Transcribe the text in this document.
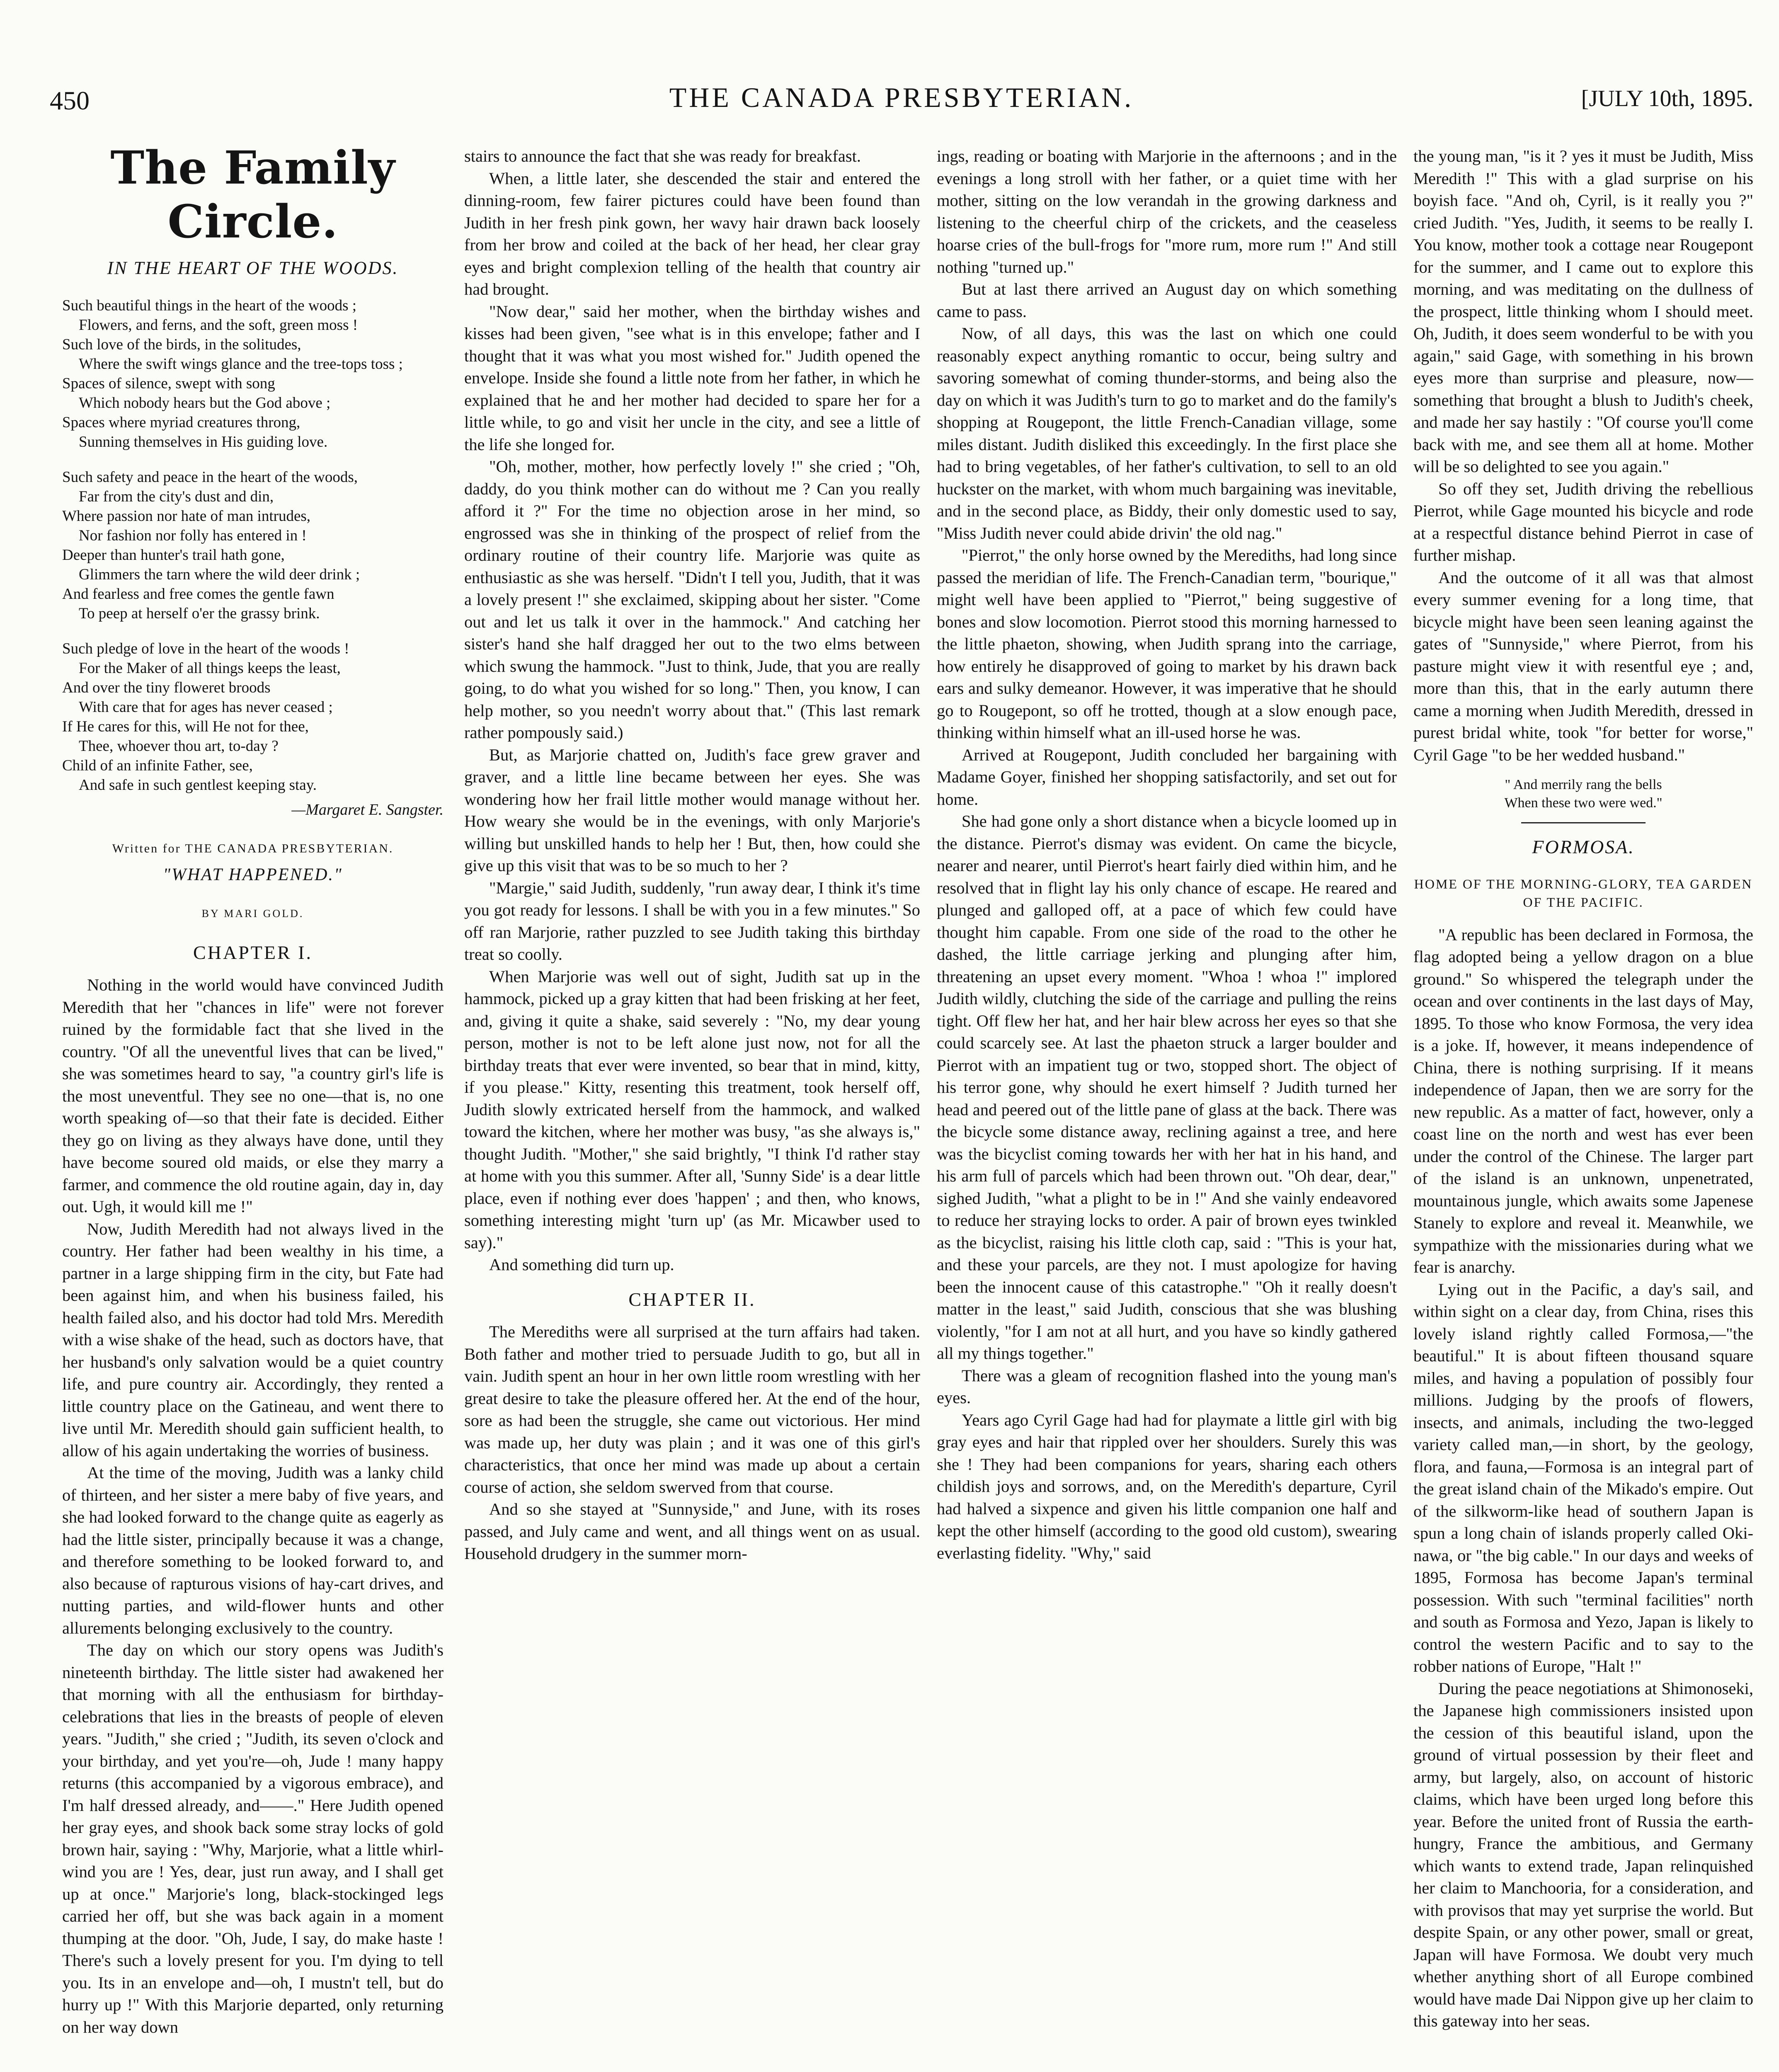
450	THE CANADA PRESBYTERIAN.	[JULY 10th, 1895.
The Family Circle.
IN THE HEART OF THE WOODS.
Such beautiful things in the heart of the woods ;
Flowers, and ferns, and the soft, green moss !
Such love of the birds, in the solitudes,
Where the swift wings glance and the tree-tops toss ;
Spaces of silence, swept with song
Which nobody hears but the God above ;
Spaces where myriad creatures throng,
Sunning themselves in His guiding love.
Such safety and peace in the heart of the woods,
Far from the city's dust and din,
Where passion nor hate of man intrudes,
Nor fashion nor folly has entered in !
Deeper than hunter's trail hath gone,
Glimmers the tarn where the wild deer drink ;
And fearless and free comes the gentle fawn
To peep at herself o'er the grassy brink.
Such pledge of love in the heart of the woods !
For the Maker of all things keeps the least,
And over the tiny floweret broods
With care that for ages has never ceased ;
If He cares for this, will He not for thee,
Thee, whoever thou art, to-day ?
Child of an infinite Father, see,
And safe in such gentlest keeping stay.
—Margaret E. Sangster.
Written for THE CANADA PRESBYTERIAN.
"WHAT HAPPENED."
BY MARI GOLD.
CHAPTER I.

Nothing in the world would have convinced Judith Meredith that her "chances in life" were not forever ruined by the formidable fact that she lived in the country. "Of all the uneventful lives that can be lived," she was sometimes heard to say, "a country girl's life is the most uneventful. They see no one—that is, no one worth speaking of—so that their fate is decided. Either they go on living as they always have done, until they have become soured old maids, or else they marry a farmer, and commence the old routine again, day in, day out. Ugh, it would kill me !"

Now, Judith Meredith had not always lived in the country. Her father had been wealthy in his time, a partner in a large shipping firm in the city, but Fate had been against him, and when his business failed, his health failed also, and his doctor had told Mrs. Meredith with a wise shake of the head, such as doctors have, that her husband's only salvation would be a quiet country life, and pure country air. Accordingly, they rented a little country place on the Gatineau, and went there to live until Mr. Meredith should gain sufficient health, to allow of his again undertaking the worries of business.

At the time of the moving, Judith was a lanky child of thirteen, and her sister a mere baby of five years, and she had looked forward to the change quite as eagerly as had the little sister, principally because it was a change, and therefore something to be looked forward to, and also because of rapturous visions of hay-cart drives, and nutting parties, and wild-flower hunts and other allurements belonging exclusively to the country.

The day on which our story opens was Judith's nineteenth birthday. The little sister had awakened her that morning with all the enthusiasm for birthday-celebrations that lies in the breasts of people of eleven years. "Judith," she cried ; "Judith, its seven o'clock and your birthday, and yet you're—oh, Jude ! many happy returns (this accompanied by a vigorous embrace), and I'm half dressed already, and——." Here Judith opened her gray eyes, and shook back some stray locks of gold brown hair, saying : "Why, Marjorie, what a little whirl-wind you are ! Yes, dear, just run away, and I shall get up at once." Marjorie's long, black-stockinged legs carried her off, but she was back again in a moment thumping at the door. "Oh, Jude, I say, do make haste ! There's such a lovely present for you. I'm dying to tell you. Its in an envelope and—oh, I mustn't tell, but do hurry up !" With this Marjorie departed, only returning on her way down

stairs to announce the fact that she was ready for breakfast.

When, a little later, she descended the stair and entered the dinning-room, few fairer pictures could have been found than Judith in her fresh pink gown, her wavy hair drawn back loosely from her brow and coiled at the back of her head, her clear gray eyes and bright complexion telling of the health that country air had brought.

"Now dear," said her mother, when the birthday wishes and kisses had been given, "see what is in this envelope; father and I thought that it was what you most wished for." Judith opened the envelope. Inside she found a little note from her father, in which he explained that he and her mother had decided to spare her for a little while, to go and visit her uncle in the city, and see a little of the life she longed for.

"Oh, mother, mother, how perfectly lovely !" she cried ; "Oh, daddy, do you think mother can do without me ? Can you really afford it ?" For the time no objection arose in her mind, so engrossed was she in thinking of the prospect of relief from the ordinary routine of their country life. Marjorie was quite as enthusiastic as she was herself. "Didn't I tell you, Judith, that it was a lovely present !" she exclaimed, skipping about her sister. "Come out and let us talk it over in the hammock." And catching her sister's hand she half dragged her out to the two elms between which swung the hammock. "Just to think, Jude, that you are really going, to do what you wished for so long." Then, you know, I can help mother, so you needn't worry about that." (This last remark rather pompously said.)

But, as Marjorie chatted on, Judith's face grew graver and graver, and a little line became between her eyes. She was wondering how her frail little mother would manage without her. How weary she would be in the evenings, with only Marjorie's willing but unskilled hands to help her ! But, then, how could she give up this visit that was to be so much to her ?

"Margie," said Judith, suddenly, "run away dear, I think it's time you got ready for lessons. I shall be with you in a few minutes." So off ran Marjorie, rather puzzled to see Judith taking this birthday treat so coolly.

When Marjorie was well out of sight, Judith sat up in the hammock, picked up a gray kitten that had been frisking at her feet, and, giving it quite a shake, said severely : "No, my dear young person, mother is not to be left alone just now, not for all the birthday treats that ever were invented, so bear that in mind, kitty, if you please." Kitty, resenting this treatment, took herself off, Judith slowly extricated herself from the hammock, and walked toward the kitchen, where her mother was busy, "as she always is," thought Judith. "Mother," she said brightly, "I think I'd rather stay at home with you this summer. After all, 'Sunny Side' is a dear little place, even if nothing ever does 'happen' ; and then, who knows, something interesting might 'turn up' (as Mr. Micawber used to say)."

And something did turn up.

CHAPTER II.

The Merediths were all surprised at the turn affairs had taken. Both father and mother tried to persuade Judith to go, but all in vain. Judith spent an hour in her own little room wrestling with her great desire to take the pleasure offered her. At the end of the hour, sore as had been the struggle, she came out victorious. Her mind was made up, her duty was plain ; and it was one of this girl's characteristics, that once her mind was made up about a certain course of action, she seldom swerved from that course.

And so she stayed at "Sunnyside," and June, with its roses passed, and July came and went, and all things went on as usual. Household drudgery in the summer morn-

ings, reading or boating with Marjorie in the afternoons ; and in the evenings a long stroll with her father, or a quiet time with her mother, sitting on the low verandah in the growing darkness and listening to the cheerful chirp of the crickets, and the ceaseless hoarse cries of the bull-frogs for "more rum, more rum !" And still nothing "turned up."

But at last there arrived an August day on which something came to pass.

Now, of all days, this was the last on which one could reasonably expect anything romantic to occur, being sultry and savoring somewhat of coming thunder-storms, and being also the day on which it was Judith's turn to go to market and do the family's shopping at Rougepont, the little French-Canadian village, some miles distant. Judith disliked this exceedingly. In the first place she had to bring vegetables, of her father's cultivation, to sell to an old huckster on the market, with whom much bargaining was inevitable, and in the second place, as Biddy, their only domestic used to say, "Miss Judith never could abide drivin' the old nag."

"Pierrot," the only horse owned by the Merediths, had long since passed the meridian of life. The French-Canadian term, "bourique," might well have been applied to "Pierrot," being suggestive of bones and slow locomotion. Pierrot stood this morning harnessed to the little phaeton, showing, when Judith sprang into the carriage, how entirely he disapproved of going to market by his drawn back ears and sulky demeanor. However, it was imperative that he should go to Rougepont, so off he trotted, though at a slow enough pace, thinking within himself what an ill-used horse he was.

Arrived at Rougepont, Judith concluded her bargaining with Madame Goyer, finished her shopping satisfactorily, and set out for home.

She had gone only a short distance when a bicycle loomed up in the distance. Pierrot's dismay was evident. On came the bicycle, nearer and nearer, until Pierrot's heart fairly died within him, and he resolved that in flight lay his only chance of escape. He reared and plunged and galloped off, at a pace of which few could have thought him capable. From one side of the road to the other he dashed, the little carriage jerking and plunging after him, threatening an upset every moment. "Whoa ! whoa !" implored Judith wildly, clutching the side of the carriage and pulling the reins tight. Off flew her hat, and her hair blew across her eyes so that she could scarcely see. At last the phaeton struck a larger boulder and Pierrot with an impatient tug or two, stopped short. The object of his terror gone, why should he exert himself ? Judith turned her head and peered out of the little pane of glass at the back. There was the bicycle some distance away, reclining against a tree, and here was the bicyclist coming towards her with her hat in his hand, and his arm full of parcels which had been thrown out. "Oh dear, dear," sighed Judith, "what a plight to be in !" And she vainly endeavored to reduce her straying locks to order. A pair of brown eyes twinkled as the bicyclist, raising his little cloth cap, said : "This is your hat, and these your parcels, are they not. I must apologize for having been the innocent cause of this catastrophe." "Oh it really doesn't matter in the least," said Judith, conscious that she was blushing violently, "for I am not at all hurt, and you have so kindly gathered all my things together."

There was a gleam of recognition flashed into the young man's eyes.

Years ago Cyril Gage had had for playmate a little girl with big gray eyes and hair that rippled over her shoulders. Surely this was she ! They had been companions for years, sharing each others childish joys and sorrows, and, on the Meredith's departure, Cyril had halved a sixpence and given his little companion one half and kept the other himself (according to the good old custom), swearing everlasting fidelity. "Why," said

the young man, "is it ? yes it must be Judith, Miss Meredith !" This with a glad surprise on his boyish face. "And oh, Cyril, is it really you ?" cried Judith. "Yes, Judith, it seems to be really I. You know, mother took a cottage near Rougepont for the summer, and I came out to explore this morning, and was meditating on the dullness of the prospect, little thinking whom I should meet. Oh, Judith, it does seem wonderful to be with you again," said Gage, with something in his brown eyes more than surprise and pleasure, now—something that brought a blush to Judith's cheek, and made her say hastily : "Of course you'll come back with me, and see them all at home. Mother will be so delighted to see you again."

So off they set, Judith driving the rebellious Pierrot, while Gage mounted his bicycle and rode at a respectful distance behind Pierrot in case of further mishap.

And the outcome of it all was that almost every summer evening for a long time, that bicycle might have been seen leaning against the gates of "Sunnyside," where Pierrot, from his pasture might view it with resentful eye ; and, more than this, that in the early autumn there came a morning when Judith Meredith, dressed in purest bridal white, took "for better for worse," Cyril Gage "to be her wedded husband."

" And merrily rang the bells
When these two were wed."
FORMOSA.
HOME OF THE MORNING-GLORY, TEA GARDEN OF THE PACIFIC.

"A republic has been declared in Formosa, the flag adopted being a yellow dragon on a blue ground." So whispered the telegraph under the ocean and over continents in the last days of May, 1895. To those who know Formosa, the very idea is a joke. If, however, it means independence of China, there is nothing surprising. If it means independence of Japan, then we are sorry for the new republic. As a matter of fact, however, only a coast line on the north and west has ever been under the control of the Chinese. The larger part of the island is an unknown, unpenetrated, mountainous jungle, which awaits some Japenese Stanely to explore and reveal it. Meanwhile, we sympathize with the missionaries during what we fear is anarchy.

Lying out in the Pacific, a day's sail, and within sight on a clear day, from China, rises this lovely island rightly called Formosa,—"the beautiful." It is about fifteen thousand square miles, and having a population of possibly four millions. Judging by the proofs of flowers, insects, and animals, including the two-legged variety called man,—in short, by the geology, flora, and fauna,—Formosa is an integral part of the great island chain of the Mikado's empire. Out of the silkworm-like head of southern Japan is spun a long chain of islands properly called Oki-nawa, or "the big cable." In our days and weeks of 1895, Formosa has become Japan's terminal possession. With such "terminal facilities" north and south as Formosa and Yezo, Japan is likely to control the western Pacific and to say to the robber nations of Europe, "Halt !"

During the peace negotiations at Shimonoseki, the Japanese high commissioners insisted upon the cession of this beautiful island, upon the ground of virtual possession by their fleet and army, but largely, also, on account of historic claims, which have been urged long before this year. Before the united front of Russia the earth-hungry, France the ambitious, and Germany which wants to extend trade, Japan relinquished her claim to Manchooria, for a consideration, and with provisos that may yet surprise the world. But despite Spain, or any other power, small or great, Japan will have Formosa. We doubt very much whether anything short of all Europe combined would have made Dai Nippon give up her claim to this gateway into her seas.
